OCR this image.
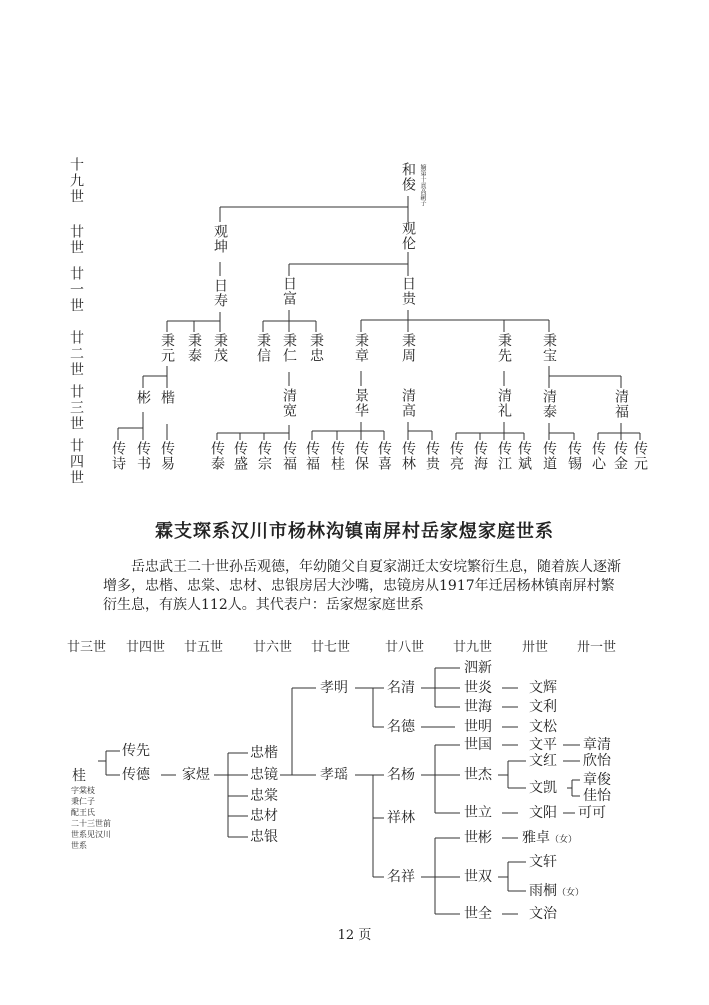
十九世
廿世
廿一世
廿二世
廿三世
廿四世
和俊 嫡第十貢高嗣子
观坤	观伦
日寿	日富	日贵
秉元 秉泰 秉茂 秉信 秉仁 秉忠 秉章 秉周	秉先 秉宝
彬 楷	清宽	景华 清高	清礼 清泰	清福
传诗 传书 传易 传泰 传盛 传宗 传福 传福 传桂 传保 传喜 传林 传贵 传亮 传海 传江 传斌 传道 传锡 传心 传金 传元
霖支琛系汉川市杨林沟镇南屏村岳家煜家庭世系
岳忠武王二十世孙岳观德，年幼随父自夏家湖迁太安垸繁衍生息，随着族人逐渐增多，忠楷、忠棠、忠材、忠银房居大沙嘴，忠镜房从1917年迁居杨林镇南屏村繁衍生息，有族人112人。其代表户：岳家煜家庭世系
廿三世 廿四世 廿五世 廿六世 廿七世	廿八世 廿九世 卅世 卅一世
桂
字棠枝
秉仁子
配王氏
二十三世前
世系见汉川
世系
传先
传德 家煜
忠楷
忠镜
忠棠
忠材
忠银
孝明
孝瑶
名清
名德
名杨
祥林
名祥
泗新
世炎
世海
世明
世国
世杰
世立
世彬
世双
世全
文辉
文利
文松
文平
文红
文凯
文阳
雅卓（女）
文轩
雨桐（女）
文治
章清
欣怡
章俊
佳怡
可可
12 页
